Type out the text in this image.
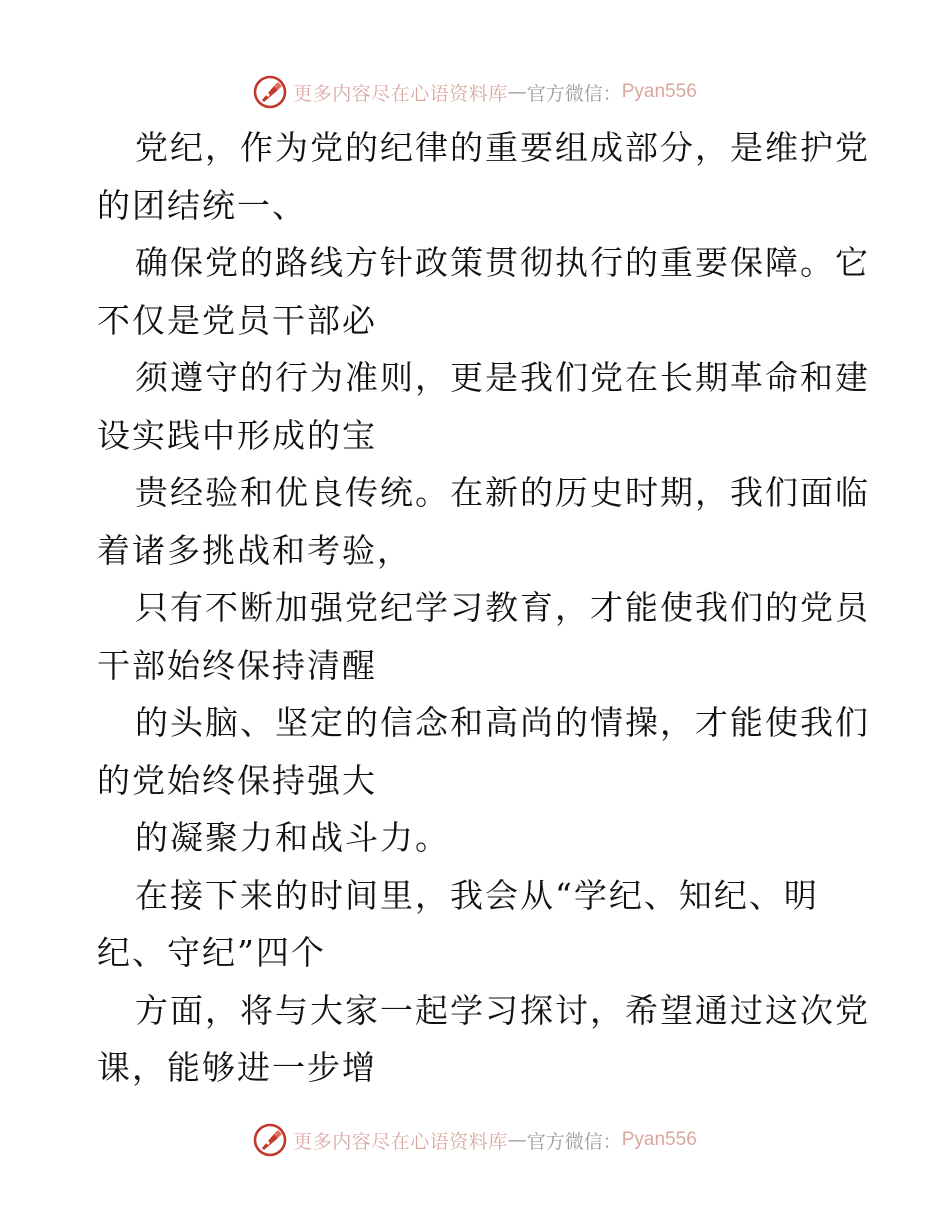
更多内容尽在心语资料库 — 官方微信： Pyan556
党纪，作为党的纪律的重要组成部分，是维护党
的团结统一、
确保党的路线方针政策贯彻执行的重要保障。它
不仅是党员干部必
须遵守的行为准则，更是我们党在长期革命和建
设实践中形成的宝
贵经验和优良传统。在新的历史时期，我们面临
着诸多挑战和考验，
只有不断加强党纪学习教育，才能使我们的党员
干部始终保持清醒
的头脑、坚定的信念和高尚的情操，才能使我们
的党始终保持强大
的凝聚力和战斗力。
在接下来的时间里，我会从“学纪、知纪、明
纪、守纪”四个
方面，将与大家一起学习探讨，希望通过这次党
课，能够进一步增
更多内容尽在心语资料库 — 官方微信： Pyan556
